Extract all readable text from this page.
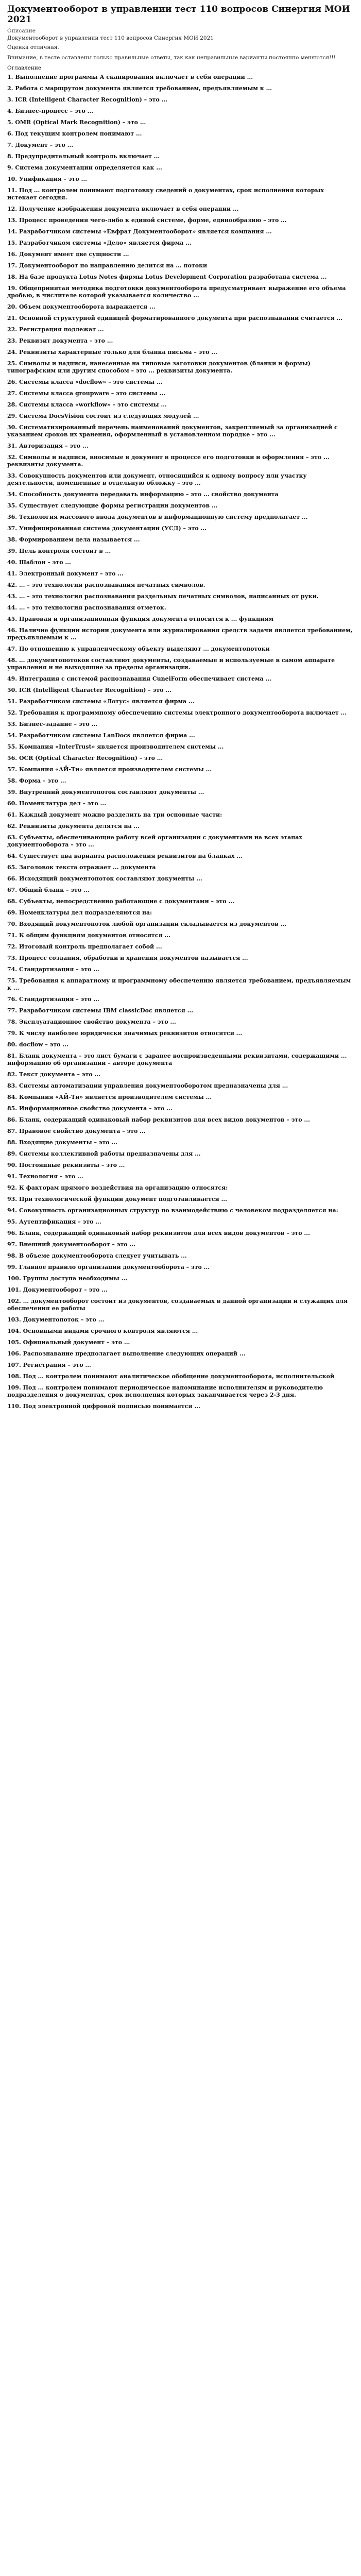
Документооборот в управлении тест 110 вопросов Синергия МОИ 2021
Описание
Документооборот в управлении тест 110 вопросов Синергия МОИ 2021
Оценка отличная.
Внимание, в тесте оставлены только правильные ответы, так как неправильные варианты постоянно меняются!!!
Оглавление
1. Выполнение программы А сканирования включает в себя операции ...
2. Работа с маршрутом документа является требованием, предъявляемым к ...
3. ICR (Intelligent Character Recognition) – это ...
4. Бизнес-процесс – это ...
5. OMR (Optical Mark Recognition) – это ...
6. Под текущим контролем понимают ...
7. Документ – это ...
8. Предупредительный контроль включает ...
9. Система документации определяется как ...
10. Унификация – это ...
11. Под ... контролем понимают подготовку сведений о документах, срок исполнения которых истекает сегодня.
12. Получение изображения документа включает в себя операции ...
13. Процесс проведения чего-либо к единой системе, форме, единообразию – это ...
14. Разработчиком системы «Евфрат Документооборот» является компания ...
15. Разработчиком системы «Дело» является фирма ...
16. Документ имеет две сущности ...
17. Документооборот по направлению делится на ... потоки
18. На базе продукта Lotus Notes фирмы Lotus Development Corporation разработана система ...
19. Общепринятая методика подготовки документооборота предусматривает выражение его объема дробью, в числителе которой указывается количество ...
20. Объем документооборота выражается ...
21. Основной структурной единицей форматированного документа при распознавании считается ...
22. Регистрация подлежат ...
23. Реквизит документа – это ...
24. Реквизиты характерные только для бланка письма – это ...
25. Символы и надписи, нанесенные на типовые заготовки документов (бланки и формы) типографским или другим способом – это ... реквизиты документа.
26. Системы класса «docflow» – это системы ...
27. Системы класса groupware – это системы ...
28. Системы класса «workflow» – это системы ...
29. Система DocsVision состоит из следующих модулей ...
30. Систематизированный перечень наименований документов, закрепляемый за организацией с указанием сроков их хранения, оформленный в установленном порядке – это ...
31. Авторизация – это ...
32. Символы и надписи, вносимые в документ в процессе его подготовки и оформления – это ... реквизиты документа.
33. Совокупность документов или документ, относящийся к одному вопросу или участку деятельности, помещенные в отдельную обложку – это ...
34. Способность документа передавать информацию – это ... свойство документа
35. Существует следующие формы регистрации документов ...
36. Технология массового ввода документов в информационную систему предполагает ...
37. Унифицированная система документации (УСД) – это ...
38. Формированием дела называется ...
39. Цель контроля состоит в ...
40. Шаблон – это ...
41. Электронный документ – это ...
42. ... – это технология распознавания печатных символов.
43. ... – это технология распознавания раздельных печатных символов, написанных от руки.
44. ... – это технология распознавания отметок.
45. Правовая и организационная функция документа относится к ... функциям
46. Наличие функции истории документа или журналирования средств задачи является требованием, предъявляемым к ...
47. По отношению к управленческому объекту выделяют ... документопотоки
48. ... документопотоков составляют документы, создаваемые и используемые в самом аппарате управления и не выходящие за пределы организации.
49. Интеграция с системой распознавания CuneiForm обеспечивает система ...
50. ICR (Intelligent Character Recognition) – это ...
51. Разработчиком системы «Лотус» является фирма ...
52. Требования к программному обеспечению системы электронного документооборота включает ...
53. Бизнес-задание – это ...
54. Разработчиком системы LanDocs является фирма ...
55. Компания «InterTrust» является производителем системы ...
56. OCR (Optical Character Recognition) – это ...
57. Компания «АЙ-Ти» является производителем системы ...
58. Форма – это ...
59. Внутренний документопоток составляют документы ...
60. Номенклатура дел – это ...
61. Каждый документ можно разделить на три основные части:
62. Реквизиты документа делятся на ...
63. Субъекты, обеспечивающие работу всей организации с документами на всех этапах документооборота – это ...
64. Существует два варианта расположения реквизитов на бланках ...
65. Заголовок текста отражает ... документа
66. Исходящий документопоток составляют документы ...
67. Общий бланк – это ...
68. Субъекты, непосредственно работающие с документами – это ...
69. Номенклатуры дел подразделяются на:
70. Входящий документопоток любой организации складывается из документов ...
71. К общим функциям документов относятся ...
72. Итоговый контроль предполагает собой ...
73. Процесс создания, обработки и хранения документов называется ...
74. Стандартизация – это ...
75. Требования к аппаратному и программному обеспечению является требованием, предъявляемым к ...
76. Стандартизация – это ...
77. Разработчиком системы IBM classicDoc является ...
78. Эксплуатационное свойство документа – это ...
79. К числу наиболее юридически значимых реквизитов относятся ...
80. docflow – это ...
81. Бланк документа – это лист бумаги с заранее воспроизведенными реквизитами, содержащими ... информацию об организации – авторе документа
82. Текст документа – это ...
83. Системы автоматизации управления документооборотом предназначены для ...
84. Компания «АЙ-Ти» является производителем системы ...
85. Информационное свойство документа – это ...
86. Бланк, содержащий одинаковый набор реквизитов для всех видов документов – это ...
87. Правовое свойство документа – это ...
88. Входящие документы – это ...
89. Системы коллективной работы предназначены для ...
90. Постоянные реквизиты – это ...
91. Технология – это ...
92. К факторам прямого воздействия на организацию относятся:
93. При технологической функции документ подготавливается ...
94. Совокупность организационных структур по взаимодействию с человеком подразделяется на:
95. Аутентификация – это ...
96. Бланк, содержащий одинаковый набор реквизитов для всех видов документов – это ...
97. Внешний документооборот – это ...
98. В объеме документооборота следует учитывать ...
99. Главное правило организации документооборота – это ...
100. Группы доступа необходимы ...
101. Документооборот – это ...
102. ... документооборот состоит из документов, создаваемых в данной организации и служащих для обеспечения ее работы
103. Документопоток – это ...
104. Основными видами срочного контроля являются ...
105. Официальный документ – это ...
106. Распознавание предполагает выполнение следующих операций ...
107. Регистрация – это ...
108. Под ... контролем понимают аналитическое обобщение документооборота, исполнительской
109. Под ... контролем понимают периодическое напоминание исполнителям и руководителю подразделения о документах, срок исполнения которых заканчивается через 2-3 дня.
110. Под электронной цифровой подписью понимается ...
